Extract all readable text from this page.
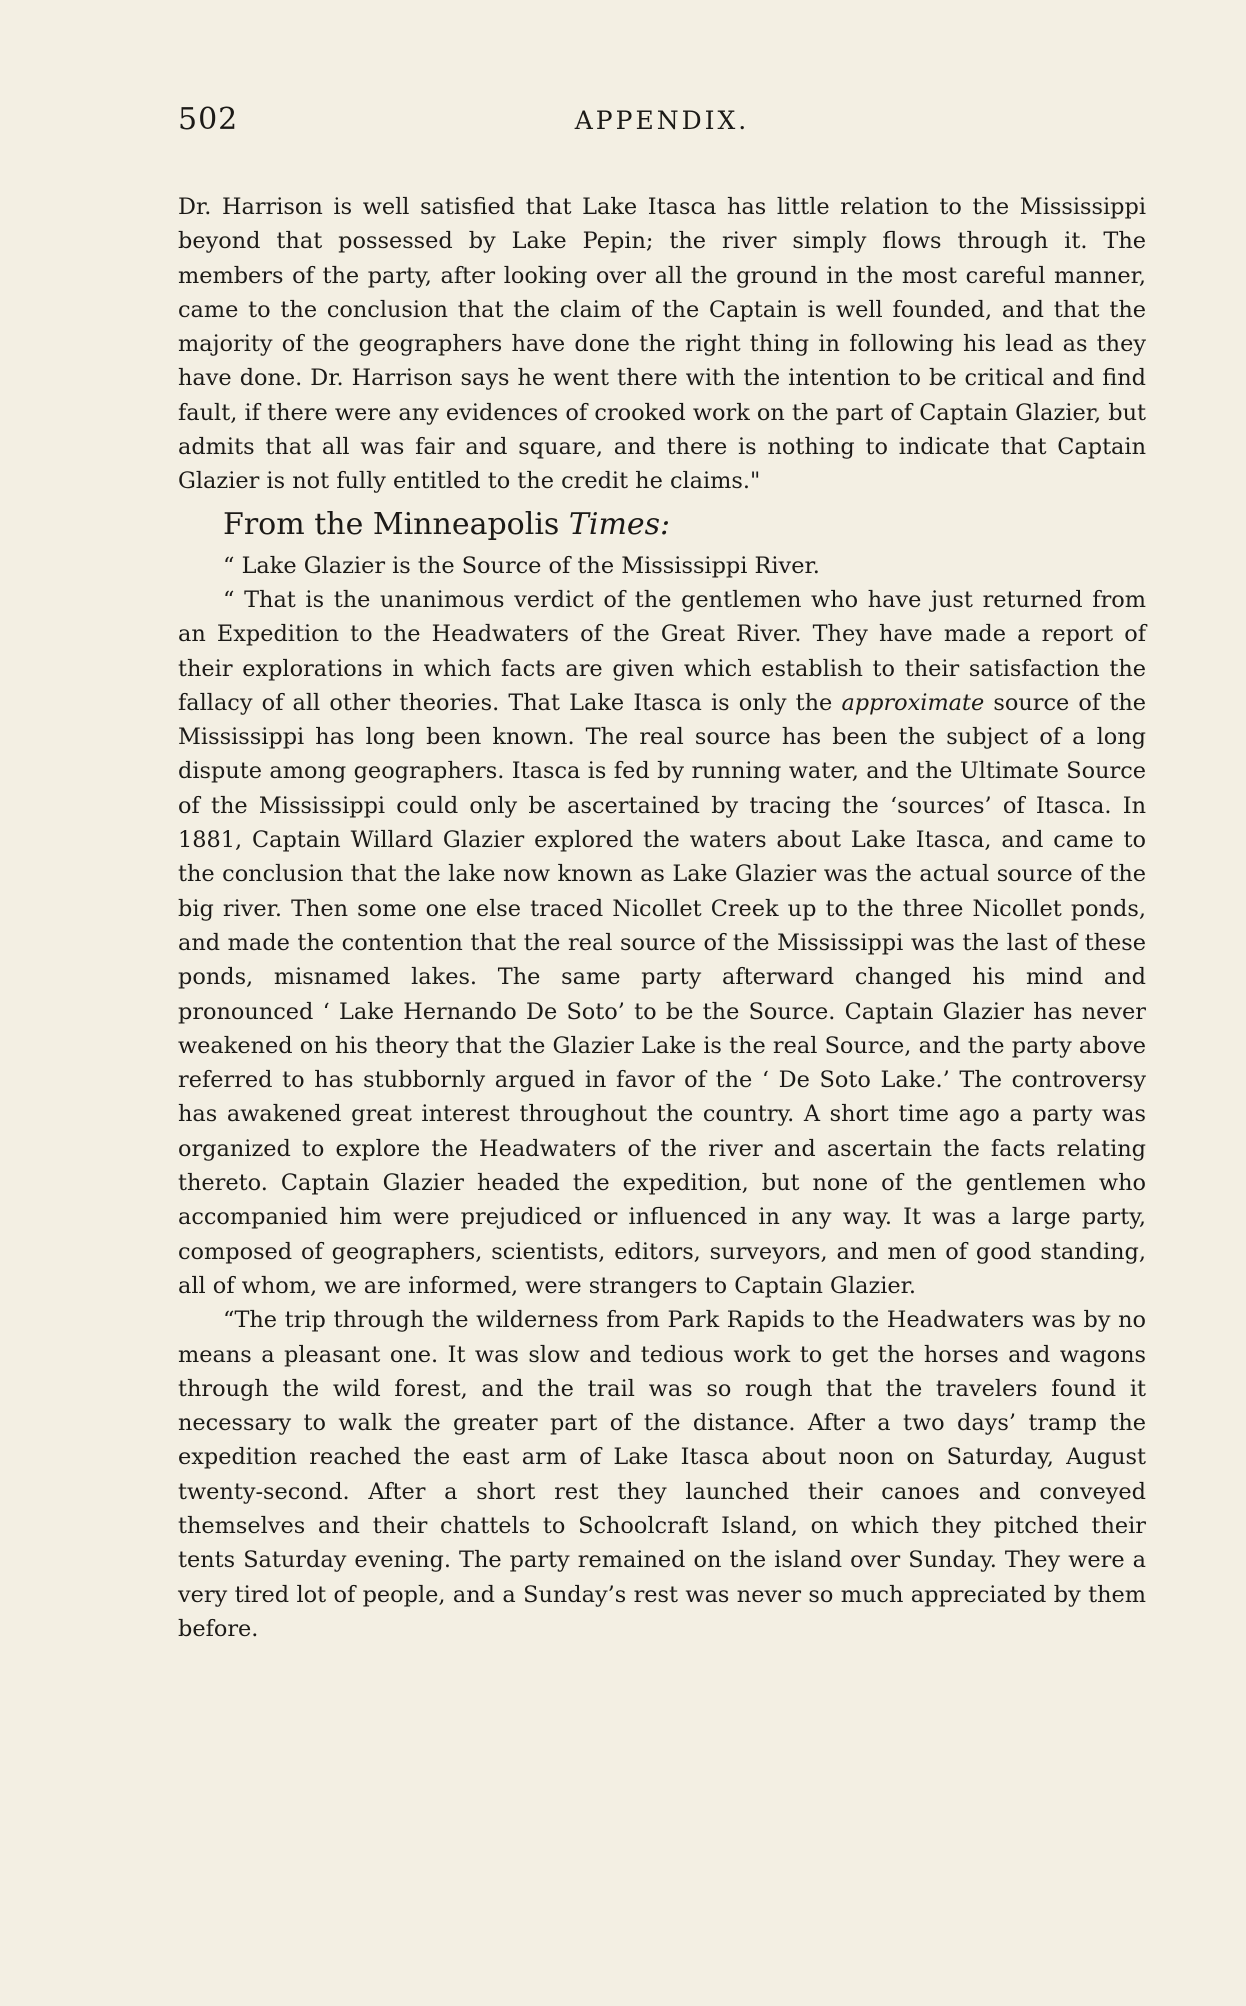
502	APPENDIX.

Dr. Harrison is well satisfied that Lake Itasca has little relation to the Mississippi beyond that possessed by Lake Pepin; the river simply flows through it. The members of the party, after looking over all the ground in the most careful manner, came to the conclusion that the claim of the Captain is well founded, and that the majority of the geographers have done the right thing in following his lead as they have done. Dr. Harrison says he went there with the intention to be critical and find fault, if there were any evidences of crooked work on the part of Captain Glazier, but admits that all was fair and square, and there is nothing to indicate that Captain Glazier is not fully entitled to the credit he claims."

From the Minneapolis Times:

“ Lake Glazier is the Source of the Mississippi River.

“ That is the unanimous verdict of the gentlemen who have just returned from an Expedition to the Headwaters of the Great River. They have made a report of their explorations in which facts are given which establish to their satisfaction the fallacy of all other theories. That Lake Itasca is only the approximate source of the Mississippi has long been known. The real source has been the subject of a long dispute among geographers. Itasca is fed by running water, and the Ultimate Source of the Mississippi could only be ascertained by tracing the ‘sources’ of Itasca. In 1881, Captain Willard Glazier explored the waters about Lake Itasca, and came to the conclusion that the lake now known as Lake Glazier was the actual source of the big river. Then some one else traced Nicollet Creek up to the three Nicollet ponds, and made the contention that the real source of the Mississippi was the last of these ponds, misnamed lakes. The same party afterward changed his mind and pronounced ‘ Lake Hernando De Soto’ to be the Source. Captain Glazier has never weakened on his theory that the Glazier Lake is the real Source, and the party above referred to has stubbornly argued in favor of the ‘ De Soto Lake.’ The controversy has awakened great interest throughout the country. A short time ago a party was organized to explore the Headwaters of the river and ascertain the facts relating thereto. Captain Glazier headed the expedition, but none of the gentlemen who accompanied him were prejudiced or influenced in any way. It was a large party, composed of geographers, scientists, editors, surveyors, and men of good standing, all of whom, we are informed, were strangers to Captain Glazier.

“The trip through the wilderness from Park Rapids to the Headwaters was by no means a pleasant one. It was slow and tedious work to get the horses and wagons through the wild forest, and the trail was so rough that the travelers found it necessary to walk the greater part of the distance. After a two days’ tramp the expedition reached the east arm of Lake Itasca about noon on Saturday, August twenty-second. After a short rest they launched their canoes and conveyed themselves and their chattels to Schoolcraft Island, on which they pitched their tents Saturday evening. The party remained on the island over Sunday. They were a very tired lot of people, and a Sunday’s rest was never so much appreciated by them before.
